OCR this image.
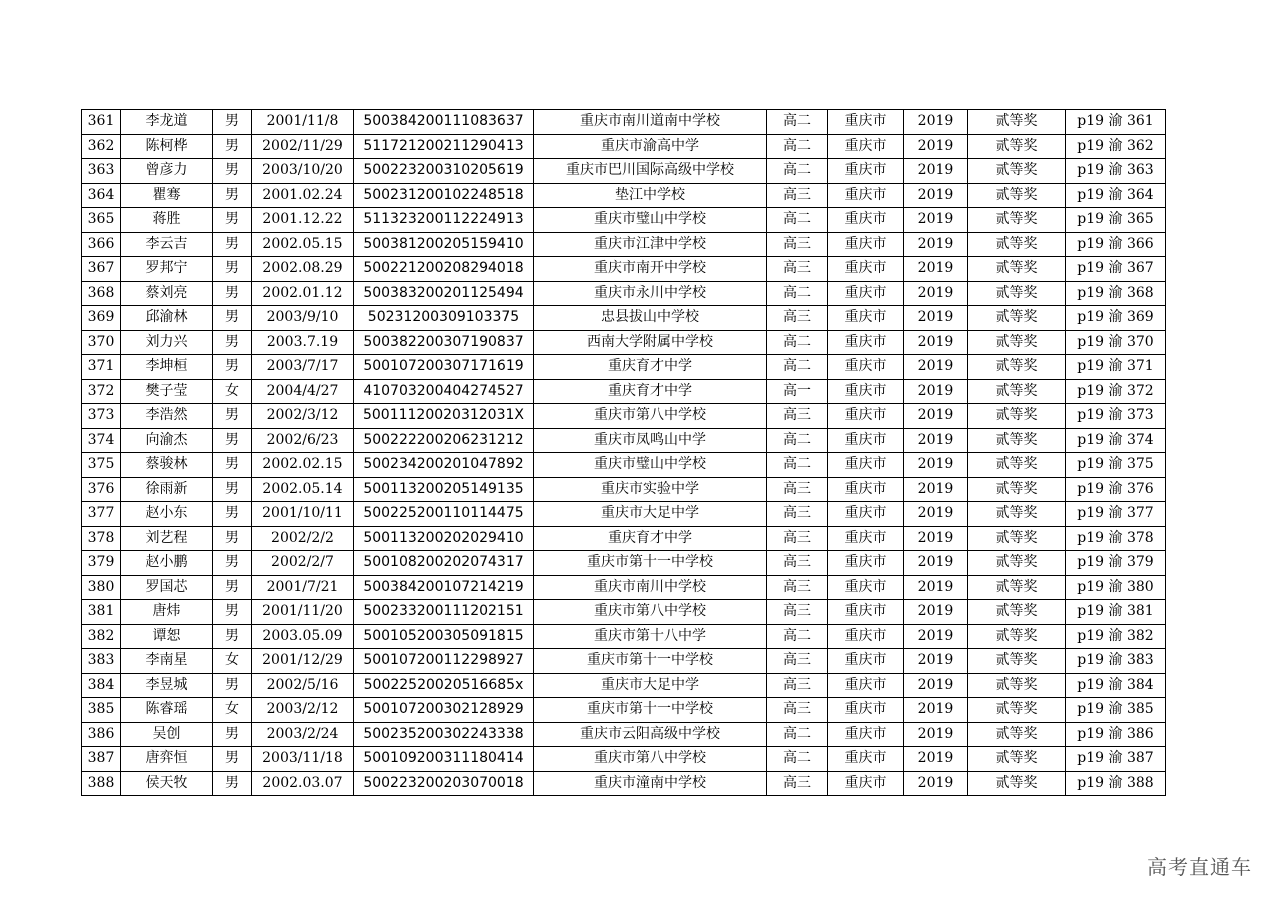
361	李龙道	男	2001/11/8	500384200111083637	重庆市南川道南中学校	高二	重庆市	2019	贰等奖	p19 渝 361
362	陈柯桦	男	2002/11/29	511721200211290413	重庆市渝高中学	高二	重庆市	2019	贰等奖	p19 渝 362
363	曾彦力	男	2003/10/20	500223200310205619	重庆市巴川国际高级中学校	高二	重庆市	2019	贰等奖	p19 渝 363
364	瞿骞	男	2001.02.24	500231200102248518	垫江中学校	高三	重庆市	2019	贰等奖	p19 渝 364
365	蒋胜	男	2001.12.22	511323200112224913	重庆市璧山中学校	高二	重庆市	2019	贰等奖	p19 渝 365
366	李云吉	男	2002.05.15	500381200205159410	重庆市江津中学校	高三	重庆市	2019	贰等奖	p19 渝 366
367	罗邦宁	男	2002.08.29	500221200208294018	重庆市南开中学校	高三	重庆市	2019	贰等奖	p19 渝 367
368	蔡刘亮	男	2002.01.12	500383200201125494	重庆市永川中学校	高二	重庆市	2019	贰等奖	p19 渝 368
369	邱渝林	男	2003/9/10	50231200309103375	忠县拔山中学校	高三	重庆市	2019	贰等奖	p19 渝 369
370	刘力兴	男	2003.7.19	500382200307190837	西南大学附属中学校	高二	重庆市	2019	贰等奖	p19 渝 370
371	李坤桓	男	2003/7/17	500107200307171619	重庆育才中学	高二	重庆市	2019	贰等奖	p19 渝 371
372	樊子莹	女	2004/4/27	410703200404274527	重庆育才中学	高一	重庆市	2019	贰等奖	p19 渝 372
373	李浩然	男	2002/3/12	50011120020312031X	重庆市第八中学校	高三	重庆市	2019	贰等奖	p19 渝 373
374	向渝杰	男	2002/6/23	500222200206231212	重庆市凤鸣山中学	高二	重庆市	2019	贰等奖	p19 渝 374
375	蔡骏林	男	2002.02.15	500234200201047892	重庆市璧山中学校	高二	重庆市	2019	贰等奖	p19 渝 375
376	徐雨新	男	2002.05.14	500113200205149135	重庆市实验中学	高三	重庆市	2019	贰等奖	p19 渝 376
377	赵小东	男	2001/10/11	500225200110114475	重庆市大足中学	高三	重庆市	2019	贰等奖	p19 渝 377
378	刘艺程	男	2002/2/2	500113200202029410	重庆育才中学	高三	重庆市	2019	贰等奖	p19 渝 378
379	赵小鹏	男	2002/2/7	500108200202074317	重庆市第十一中学校	高三	重庆市	2019	贰等奖	p19 渝 379
380	罗国芯	男	2001/7/21	500384200107214219	重庆市南川中学校	高三	重庆市	2019	贰等奖	p19 渝 380
381	唐炜	男	2001/11/20	500233200111202151	重庆市第八中学校	高三	重庆市	2019	贰等奖	p19 渝 381
382	谭恕	男	2003.05.09	500105200305091815	重庆市第十八中学	高二	重庆市	2019	贰等奖	p19 渝 382
383	李南星	女	2001/12/29	500107200112298927	重庆市第十一中学校	高三	重庆市	2019	贰等奖	p19 渝 383
384	李昱城	男	2002/5/16	50022520020516685x	重庆市大足中学	高三	重庆市	2019	贰等奖	p19 渝 384
385	陈睿瑶	女	2003/2/12	500107200302128929	重庆市第十一中学校	高三	重庆市	2019	贰等奖	p19 渝 385
386	吴创	男	2003/2/24	500235200302243338	重庆市云阳高级中学校	高二	重庆市	2019	贰等奖	p19 渝 386
387	唐弈恒	男	2003/11/18	500109200311180414	重庆市第八中学校	高二	重庆市	2019	贰等奖	p19 渝 387
388	侯天牧	男	2002.03.07	500223200203070018	重庆市潼南中学校	高三	重庆市	2019	贰等奖	p19 渝 388
高考直通车
